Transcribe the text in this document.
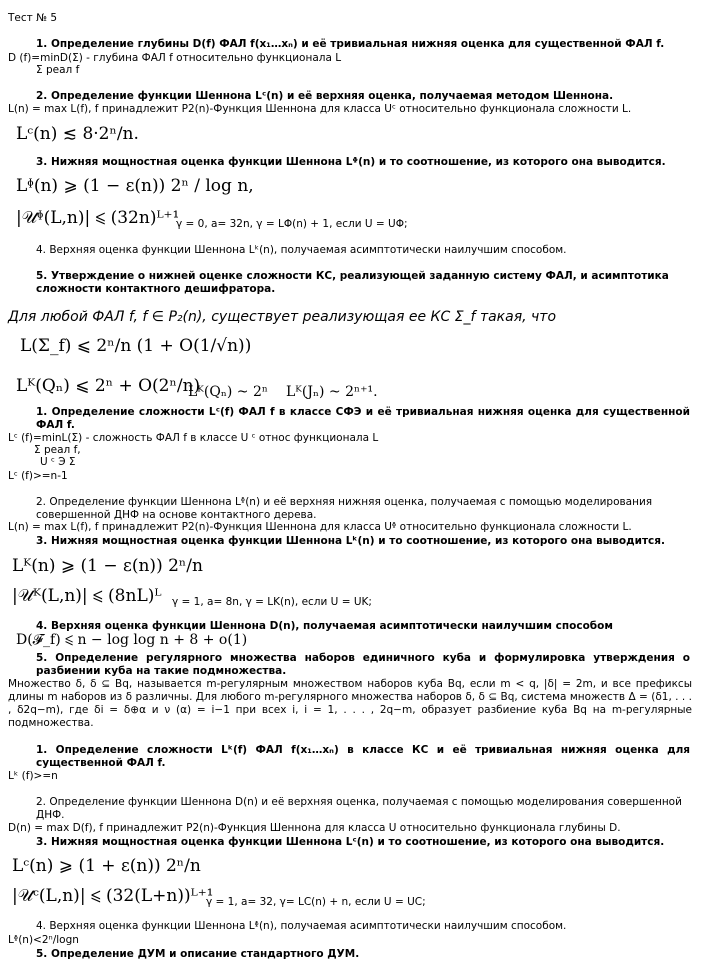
Тест № 5
1. Определение глубины D(f) ФАЛ f(x₁…xₙ) и её тривиальная нижняя оценка для существенной ФАЛ f.
D (f)=minD(Σ) - глубина ФАЛ f относительно функционала L
Σ реал f
2. Определение функции Шеннона Lᶜ(n) и её верхняя оценка, получаемая методом Шеннона.
L(n) = max L(f), f принадлежит P2(n)-Функция Шеннона для класса Uᶜ относительно функционала сложности L.
Lᶜ(n) ≲ 8·2ⁿ/n.
3. Нижняя мощностная оценка функции Шеннона Lᶲ(n) и то соотношение, из которого она выводится.
Lᶲ(n) ⩾ (1 − ε(n)) 2ⁿ / log n,
|𝒰ᶲ(L,n)| ⩽ (32n)ᴸ⁺¹
γ = 0, a= 32n, γ = LΦ(n) + 1, если U = UΦ;
4. Верхняя оценка функции Шеннона Lᵏ(n), получаемая асимптотически наилучшим способом.
5. Утверждение о нижней оценке сложности КС, реализующей заданную систему ФАЛ, и асимптотика сложности контактного дешифратора.
Для любой ФАЛ f, f ∈ P₂(n), существует реализующая ее КС Σ_f такая, что
L(Σ_f) ⩽ 2ⁿ/n (1 + O(1/√n))
Lᴷ(Qₙ) ⩽ 2ⁿ + O(2ⁿ/n)
Lᴷ(Qₙ) ~ 2ⁿ Lᴷ(Jₙ) ~ 2ⁿ⁺¹.
1. Определение сложности Lᶜ(f) ФАЛ f в классе СФЭ и её тривиальная нижняя оценка для существенной ФАЛ f.
Lᶜ (f)=minL(Σ) - сложность ФАЛ f в классе U ᶜ относ функционала L
Σ реал f,
U ᶜ Э Σ
Lᶜ (f)>=n-1
2. Определение функции Шеннона Lᶲ(n) и её верхняя нижняя оценка, получаемая с помощью моделирования совершенной ДНФ на основе контактного дерева.
L(n) = max L(f), f принадлежит P2(n)-Функция Шеннона для класса Uᶲ относительно функционала сложности L.
3. Нижняя мощностная оценка функции Шеннона Lᵏ(n) и то соотношение, из которого она выводится.
Lᴷ(n) ⩾ (1 − ε(n)) 2ⁿ/n
|𝒰ᴷ(L,n)| ⩽ (8nL)ᴸ γ = 1, a= 8n, γ = LK(n), если U = UK;
4. Верхняя оценка функции Шеннона D(n), получаемая асимптотически наилучшим способом
D(𝓕_f) ⩽ n − log log n + 8 + o(1)
5. Определение регулярного множества наборов единичного куба и формулировка утверждения о разбиении куба на такие подмножества.
Множество δ, δ ⊆ Bq, называется m-регулярным множеством наборов куба Bq, если m < q, |δ| = 2m, и все префиксы длины m наборов из δ различны. Для любого m-регулярного множества наборов δ, δ ⊆ Bq, система множеств Δ = (δ1, . . . , δ2q−m), где δi = δ⊕α и ν (α) = i−1 при всех i, i = 1, . . . , 2q−m, образует разбиение куба Bq на m-регулярные подмножества.
1. Определение сложности Lᵏ(f) ФАЛ f(x₁…xₙ) в классе КС и её тривиальная нижняя оценка для существенной ФАЛ f.
Lᵏ (f)>=n
2. Определение функции Шеннона D(n) и её верхняя оценка, получаемая с помощью моделирования совершенной ДНФ.
D(n) = max D(f), f принадлежит P2(n)-Функция Шеннона для класса U относительно функционала глубины D.
3. Нижняя мощностная оценка функции Шеннона Lᶜ(n) и то соотношение, из которого она выводится.
Lᶜ(n) ⩾ (1 + ε(n)) 2ⁿ/n
|𝒰ᶜ(L,n)| ⩽ (32(L+n))ᴸ⁺¹
γ = 1, a= 32, γ= LC(n) + n, если U = UC;
4. Верхняя оценка функции Шеннона Lᶲ(n), получаемая асимптотически наилучшим способом.
Lᶲ(n)<2ⁿ/logn
5. Определение ДУМ и описание стандартного ДУМ.
